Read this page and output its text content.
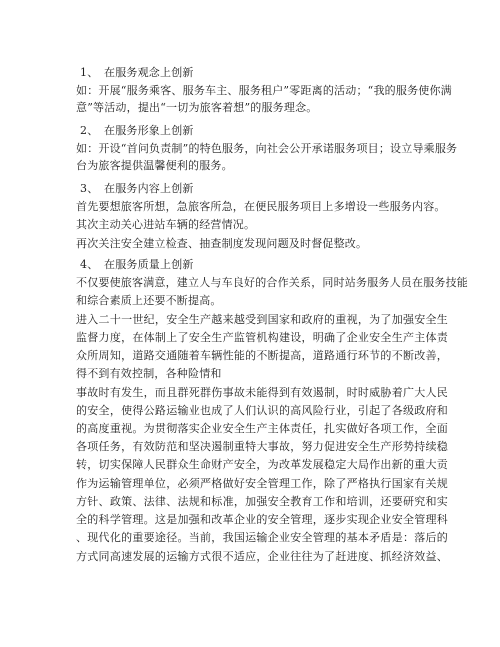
1、 在服务观念上创新
如：开展“服务乘客、服务车主、服务租户”零距离的活动；“我的服务使你满
意”等活动，提出“一切为旅客着想”的服务理念。
2、 在服务形象上创新
如：开设“首问负责制”的特色服务，向社会公开承诺服务项目；设立导乘服务
台为旅客提供温馨便利的服务。
3、 在服务内容上创新
首先要想旅客所想，急旅客所急，在便民服务项目上多增设一些服务内容。
其次主动关心进站车辆的经营情况。
再次关注安全建立检查、抽查制度发现问题及时督促整改。
4、 在服务质量上创新
不仅要使旅客满意，建立人与车良好的合作关系，同时站务服务人员在服务技能
和综合素质上还要不断提高。
进入二十一世纪，安全生产越来越受到国家和政府的重视，为了加强安全生
监督力度，在体制上了安全生产监管机构建设，明确了企业安全生产主体责
众所周知，道路交通随着车辆性能的不断提高，道路通行环节的不断改善，
得不到有效控制，各种险情和
事故时有发生，而且群死群伤事故未能得到有效遏制，时时威胁着广大人民
的安全，使得公路运输业也成了人们认识的高风险行业，引起了各级政府和
的高度重视。为贯彻落实企业安全生产主体责任，扎实做好各项工作，全面
各项任务，有效防范和坚决遏制重特大事故，努力促进安全生产形势持续稳
转，切实保障人民群众生命财产安全，为改革发展稳定大局作出新的重大贡
作为运输管理单位，必须严格做好安全管理工作，除了严格执行国家有关规
方针、政策、法律、法规和标准，加强安全教育工作和培训，还要研究和实
全的科学管理。这是加强和改革企业的安全管理，逐步实现企业安全管理科
、现代化的重要途径。当前，我国运输企业安全管理的基本矛盾是：落后的
方式同高速发展的运输方式很不适应，企业往往为了赶进度、抓经济效益、
